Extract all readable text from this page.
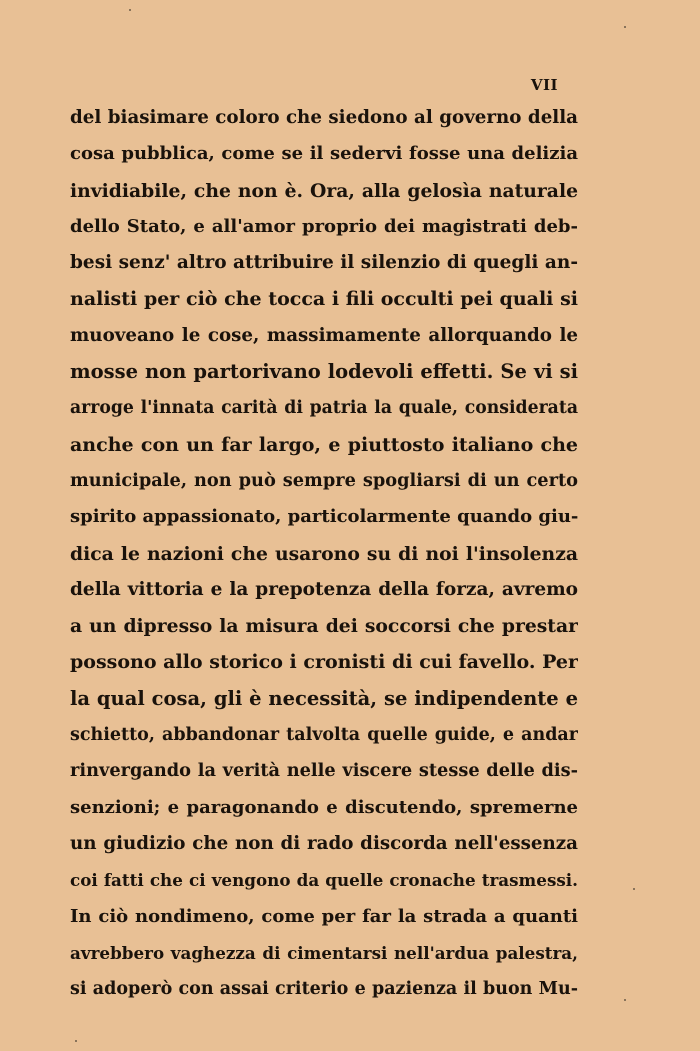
VII
del biasimare coloro che siedono al governo della
cosa pubblica, come se il sedervi fosse una delizia
invidiabile, che non è. Ora, alla gelosìa naturale
dello Stato, e all'amor proprio dei magistrati deb-
besi senz' altro attribuire il silenzio di quegli an-
nalisti per ciò che tocca i fili occulti pei quali si
muoveano le cose, massimamente allorquando le
mosse non partorivano lodevoli effetti. Se vi si
arroge l'innata carità di patria la quale, considerata
anche con un far largo, e piuttosto italiano che
municipale, non può sempre spogliarsi di un certo
spirito appassionato, particolarmente quando giu-
dica le nazioni che usarono su di noi l'insolenza
della vittoria e la prepotenza della forza, avremo
a un dipresso la misura dei soccorsi che prestar
possono allo storico i cronisti di cui favello. Per
la qual cosa, gli è necessità, se indipendente e
schietto, abbandonar talvolta quelle guide, e andar
rinvergando la verità nelle viscere stesse delle dis-
senzioni; e paragonando e discutendo, spremerne
un giudizio che non di rado discorda nell'essenza
coi fatti che ci vengono da quelle cronache trasmessi.
In ciò nondimeno, come per far la strada a quanti
avrebbero vaghezza di cimentarsi nell'ardua palestra,
si adoperò con assai criterio e pazienza il buon Mu-
